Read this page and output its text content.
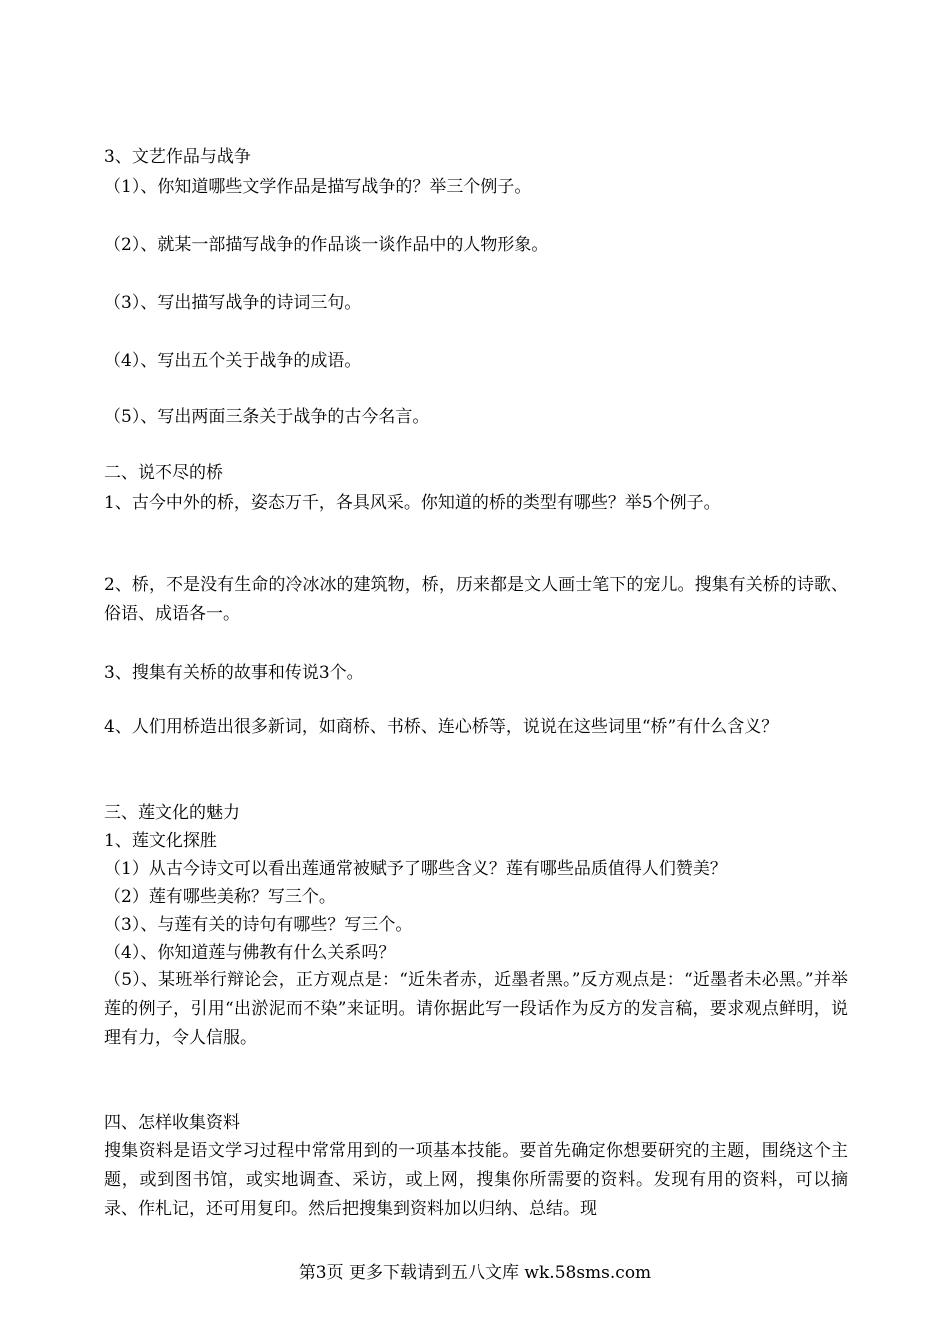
3、文艺作品与战争
（1）、你知道哪些文学作品是描写战争的？举三个例子。
（2）、就某一部描写战争的作品谈一谈作品中的人物形象。
（3）、写出描写战争的诗词三句。
（4）、写出五个关于战争的成语。
（5）、写出两面三条关于战争的古今名言。
二、说不尽的桥
1、古今中外的桥，姿态万千，各具风采。你知道的桥的类型有哪些？举5个例子。
2、桥，不是没有生命的冷冰冰的建筑物，桥，历来都是文人画士笔下的宠儿。搜集有关桥的诗歌、俗语、成语各一。
3、搜集有关桥的故事和传说3个。
4、人们用桥造出很多新词，如商桥、书桥、连心桥等，说说在这些词里“桥”有什么含义？
三、莲文化的魅力
1、莲文化探胜
（1）从古今诗文可以看出莲通常被赋予了哪些含义？莲有哪些品质值得人们赞美？
（2）莲有哪些美称？写三个。
（3）、与莲有关的诗句有哪些？写三个。
（4）、你知道莲与佛教有什么关系吗？
（5）、某班举行辩论会，正方观点是：“近朱者赤，近墨者黑。”反方观点是：“近墨者未必黑。”并举莲的例子，引用“出淤泥而不染”来证明。请你据此写一段话作为反方的发言稿，要求观点鲜明，说理有力，令人信服。
四、怎样收集资料
搜集资料是语文学习过程中常常用到的一项基本技能。要首先确定你想要研究的主题，围绕这个主题，或到图书馆，或实地调查、采访，或上网，搜集你所需要的资料。发现有用的资料，可以摘录、作札记，还可用复印。然后把搜集到资料加以归纳、总结。现
第3页 更多下载请到五八文库 wk.58sms.com
